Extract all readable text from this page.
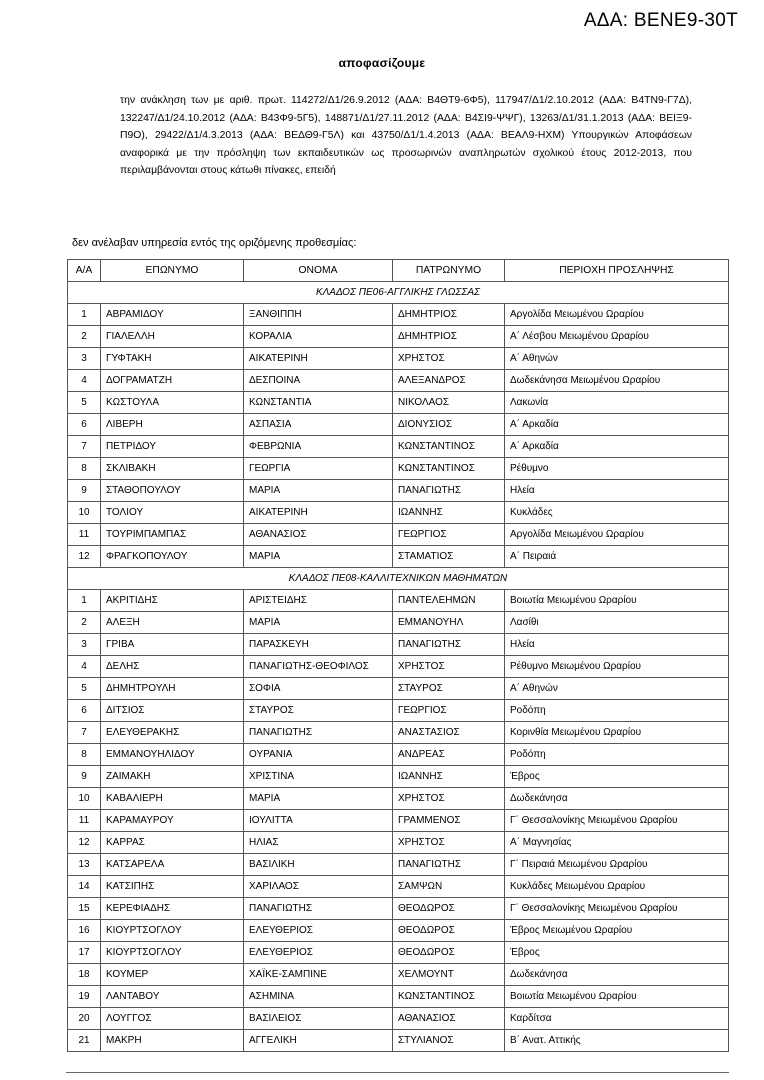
ΑΔΑ: ΒΕΝΕ9-30Τ
αποφασίζουμε
την ανάκληση των με αριθ. πρωτ. 114272/Δ1/26.9.2012 (ΑΔΑ: Β4ΘΤ9-6Φ5), 117947/Δ1/2.10.2012 (ΑΔΑ: Β4ΤΝ9-Γ7Δ), 132247/Δ1/24.10.2012 (ΑΔΑ: Β43Φ9-5Γ5), 148871/Δ1/27.11.2012 (ΑΔΑ: Β4ΣΙ9-ΨΨΓ), 13263/Δ1/31.1.2013 (ΑΔΑ: ΒΕΙΞ9-Π9Ο), 29422/Δ1/4.3.2013 (ΑΔΑ: ΒΕΔΘ9-Γ5Λ) και 43750/Δ1/1.4.2013 (ΑΔΑ: ΒΕΑΛ9-ΗΧΜ) Υπουργικών Αποφάσεων αναφορικά με την πρόσληψη των εκπαιδευτικών ως προσωρινών αναπληρωτών σχολικού έτους 2012-2013, που περιλαμβάνονται στους κάτωθι πίνακες, επειδή
δεν ανέλαβαν υπηρεσία εντός της οριζόμενης προθεσμίας:
Α/Α	ΕΠΩΝΥΜΟ	ΟΝΟΜΑ	ΠΑΤΡΩΝΥΜΟ	ΠΕΡΙΟΧΗ ΠΡΟΣΛΗΨΗΣ
ΚΛΑΔΟΣ ΠΕ06-ΑΓΓΛΙΚΗΣ ΓΛΩΣΣΑΣ				
1	ΑΒΡΑΜΙΔΟΥ	ΞΑΝΘΙΠΠΗ	ΔΗΜΗΤΡΙΟΣ	Αργολίδα Μειωμένου Ωραρίου
2	ΓΙΑΛΕΛΛΗ	ΚΟΡΑΛΙΑ	ΔΗΜΗΤΡΙΟΣ	Α΄ Λέσβου Μειωμένου Ωραρίου
3	ΓΥΦΤΑΚΗ	ΑΙΚΑΤΕΡΙΝΗ	ΧΡΗΣΤΟΣ	Α΄ Αθηνών
4	ΔΟΓΡΑΜΑΤΖΗ	ΔΕΣΠΟΙΝΑ	ΑΛΕΞΑΝΔΡΟΣ	Δωδεκάνησα Μειωμένου Ωραρίου
5	ΚΩΣΤΟΥΛΑ	ΚΩΝΣΤΑΝΤΙΑ	ΝΙΚΟΛΑΟΣ	Λακωνία
6	ΛΙΒΕΡΗ	ΑΣΠΑΣΙΑ	ΔΙΟΝΥΣΙΟΣ	Α΄ Αρκαδία
7	ΠΕΤΡΙΔΟΥ	ΦΕΒΡΩΝΙΑ	ΚΩΝΣΤΑΝΤΙΝΟΣ	Α΄ Αρκαδία
8	ΣΚΛΙΒΑΚΗ	ΓΕΩΡΓΙΑ	ΚΩΝΣΤΑΝΤΙΝΟΣ	Ρέθυμνο
9	ΣΤΑΘΟΠΟΥΛΟΥ	ΜΑΡΙΑ	ΠΑΝΑΓΙΩΤΗΣ	Ηλεία
10	ΤΟΛΙΟΥ	ΑΙΚΑΤΕΡΙΝΗ	ΙΩΑΝΝΗΣ	Κυκλάδες
11	ΤΟΥΡΙΜΠΑΜΠΑΣ	ΑΘΑΝΑΣΙΟΣ	ΓΕΩΡΓΙΟΣ	Αργολίδα Μειωμένου Ωραρίου
12	ΦΡΑΓΚΟΠΟΥΛΟΥ	ΜΑΡΙΑ	ΣΤΑΜΑΤΙΟΣ	Α΄ Πειραιά
ΚΛΑΔΟΣ ΠΕ08-ΚΑΛΛΙΤΕΧΝΙΚΩΝ ΜΑΘΗΜΑΤΩΝ				
1	ΑΚΡΙΤΙΔΗΣ	ΑΡΙΣΤΕΙΔΗΣ	ΠΑΝΤΕΛΕΗΜΩΝ	Βοιωτία Μειωμένου Ωραρίου
2	ΑΛΕΞΗ	ΜΑΡΙΑ	ΕΜΜΑΝΟΥΗΛ	Λασίθι
3	ΓΡΙΒΑ	ΠΑΡΑΣΚΕΥΗ	ΠΑΝΑΓΙΩΤΗΣ	Ηλεία
4	ΔΕΛΗΣ	ΠΑΝΑΓΙΩΤΗΣ-ΘΕΟΦΙΛΟΣ	ΧΡΗΣΤΟΣ	Ρέθυμνο Μειωμένου Ωραρίου
5	ΔΗΜΗΤΡΟΥΛΗ	ΣΟΦΙΑ	ΣΤΑΥΡΟΣ	Α΄ Αθηνών
6	ΔΙΤΣΙΟΣ	ΣΤΑΥΡΟΣ	ΓΕΩΡΓΙΟΣ	Ροδόπη
7	ΕΛΕΥΘΕΡΑΚΗΣ	ΠΑΝΑΓΙΩΤΗΣ	ΑΝΑΣΤΑΣΙΟΣ	Κορινθία Μειωμένου Ωραρίου
8	ΕΜΜΑΝΟΥΗΛΙΔΟΥ	ΟΥΡΑΝΙΑ	ΑΝΔΡΕΑΣ	Ροδόπη
9	ΖΑΙΜΑΚΗ	ΧΡΙΣΤΙΝΑ	ΙΩΑΝΝΗΣ	Έβρος
10	ΚΑΒΑΛΙΕΡΗ	ΜΑΡΙΑ	ΧΡΗΣΤΟΣ	Δωδεκάνησα
11	ΚΑΡΑΜΑΥΡΟΥ	ΙΟΥΛΙΤΤΑ	ΓΡΑΜΜΕΝΟΣ	Γ΄ Θεσσαλονίκης Μειωμένου Ωραρίου
12	ΚΑΡΡΑΣ	ΗΛΙΑΣ	ΧΡΗΣΤΟΣ	Α΄ Μαγνησίας
13	ΚΑΤΣΑΡΕΛΑ	ΒΑΣΙΛΙΚΗ	ΠΑΝΑΓΙΩΤΗΣ	Γ΄ Πειραιά Μειωμένου Ωραρίου
14	ΚΑΤΣΙΠΗΣ	ΧΑΡΙΛΑΟΣ	ΣΑΜΨΩΝ	Κυκλάδες Μειωμένου Ωραρίου
15	ΚΕΡΕΦΙΑΔΗΣ	ΠΑΝΑΓΙΩΤΗΣ	ΘΕΟΔΩΡΟΣ	Γ΄ Θεσσαλονίκης Μειωμένου Ωραρίου
16	ΚΙΟΥΡΤΣΟΓΛΟΥ	ΕΛΕΥΘΕΡΙΟΣ	ΘΕΟΔΩΡΟΣ	Έβρος Μειωμένου Ωραρίου
17	ΚΙΟΥΡΤΣΟΓΛΟΥ	ΕΛΕΥΘΕΡΙΟΣ	ΘΕΟΔΩΡΟΣ	Έβρος
18	ΚΟΥΜΕΡ	ΧΑΪΚΕ-ΣΑΜΠΙΝΕ	ΧΕΛΜΟΥΝΤ	Δωδεκάνησα
19	ΛΑΝΤΑΒΟΥ	ΑΣΗΜΙΝΑ	ΚΩΝΣΤΑΝΤΙΝΟΣ	Βοιωτία Μειωμένου Ωραρίου
20	ΛΟΥΓΓΟΣ	ΒΑΣΙΛΕΙΟΣ	ΑΘΑΝΑΣΙΟΣ	Καρδίτσα
21	ΜΑΚΡΗ	ΑΓΓΕΛΙΚΗ	ΣΤΥΛΙΑΝΟΣ	Β΄ Ανατ. Αττικής
